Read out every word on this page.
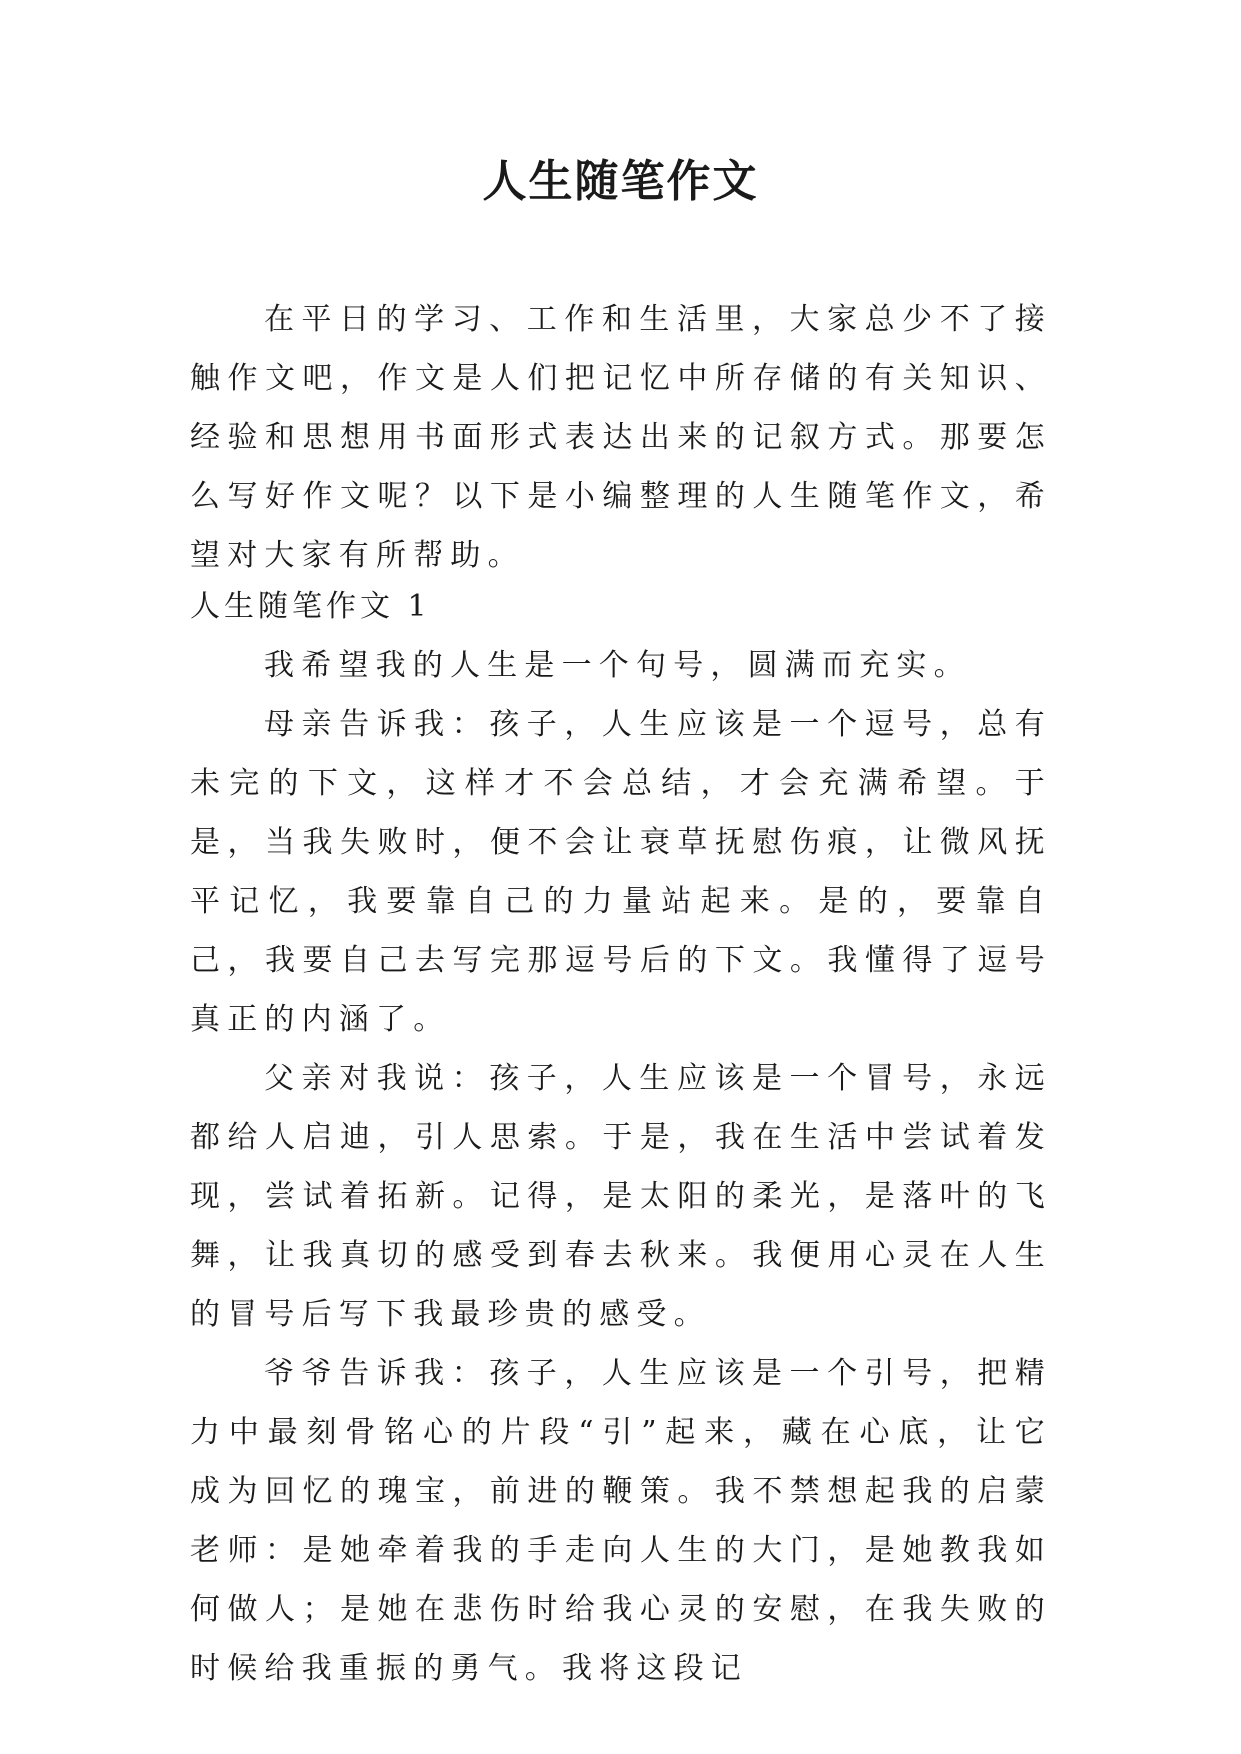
人生随笔作文

在平日的学习、工作和生活里，大家总少不了接触作文吧，作文是人们把记忆中所存储的有关知识、经验和思想用书面形式表达出来的记叙方式。那要怎么写好作文呢？以下是小编整理的人生随笔作文，希望对大家有所帮助。

人生随笔作文 1

我希望我的人生是一个句号，圆满而充实。

母亲告诉我：孩子，人生应该是一个逗号，总有未完的下文，这样才不会总结，才会充满希望。于是，当我失败时，便不会让衰草抚慰伤痕，让微风抚平记忆，我要靠自己的力量站起来。是的，要靠自己，我要自己去写完那逗号后的下文。我懂得了逗号真正的内涵了。

父亲对我说：孩子，人生应该是一个冒号，永远都给人启迪，引人思索。于是，我在生活中尝试着发现，尝试着拓新。记得，是太阳的柔光，是落叶的飞舞，让我真切的感受到春去秋来。我便用心灵在人生的冒号后写下我最珍贵的感受。

爷爷告诉我：孩子，人生应该是一个引号，把精力中最刻骨铭心的片段“引”起来，藏在心底，让它成为回忆的瑰宝，前进的鞭策。我不禁想起我的启蒙老师：是她牵着我的手走向人生的大门，是她教我如何做人；是她在悲伤时给我心灵的安慰，在我失败的时候给我重振的勇气。我将这段记
